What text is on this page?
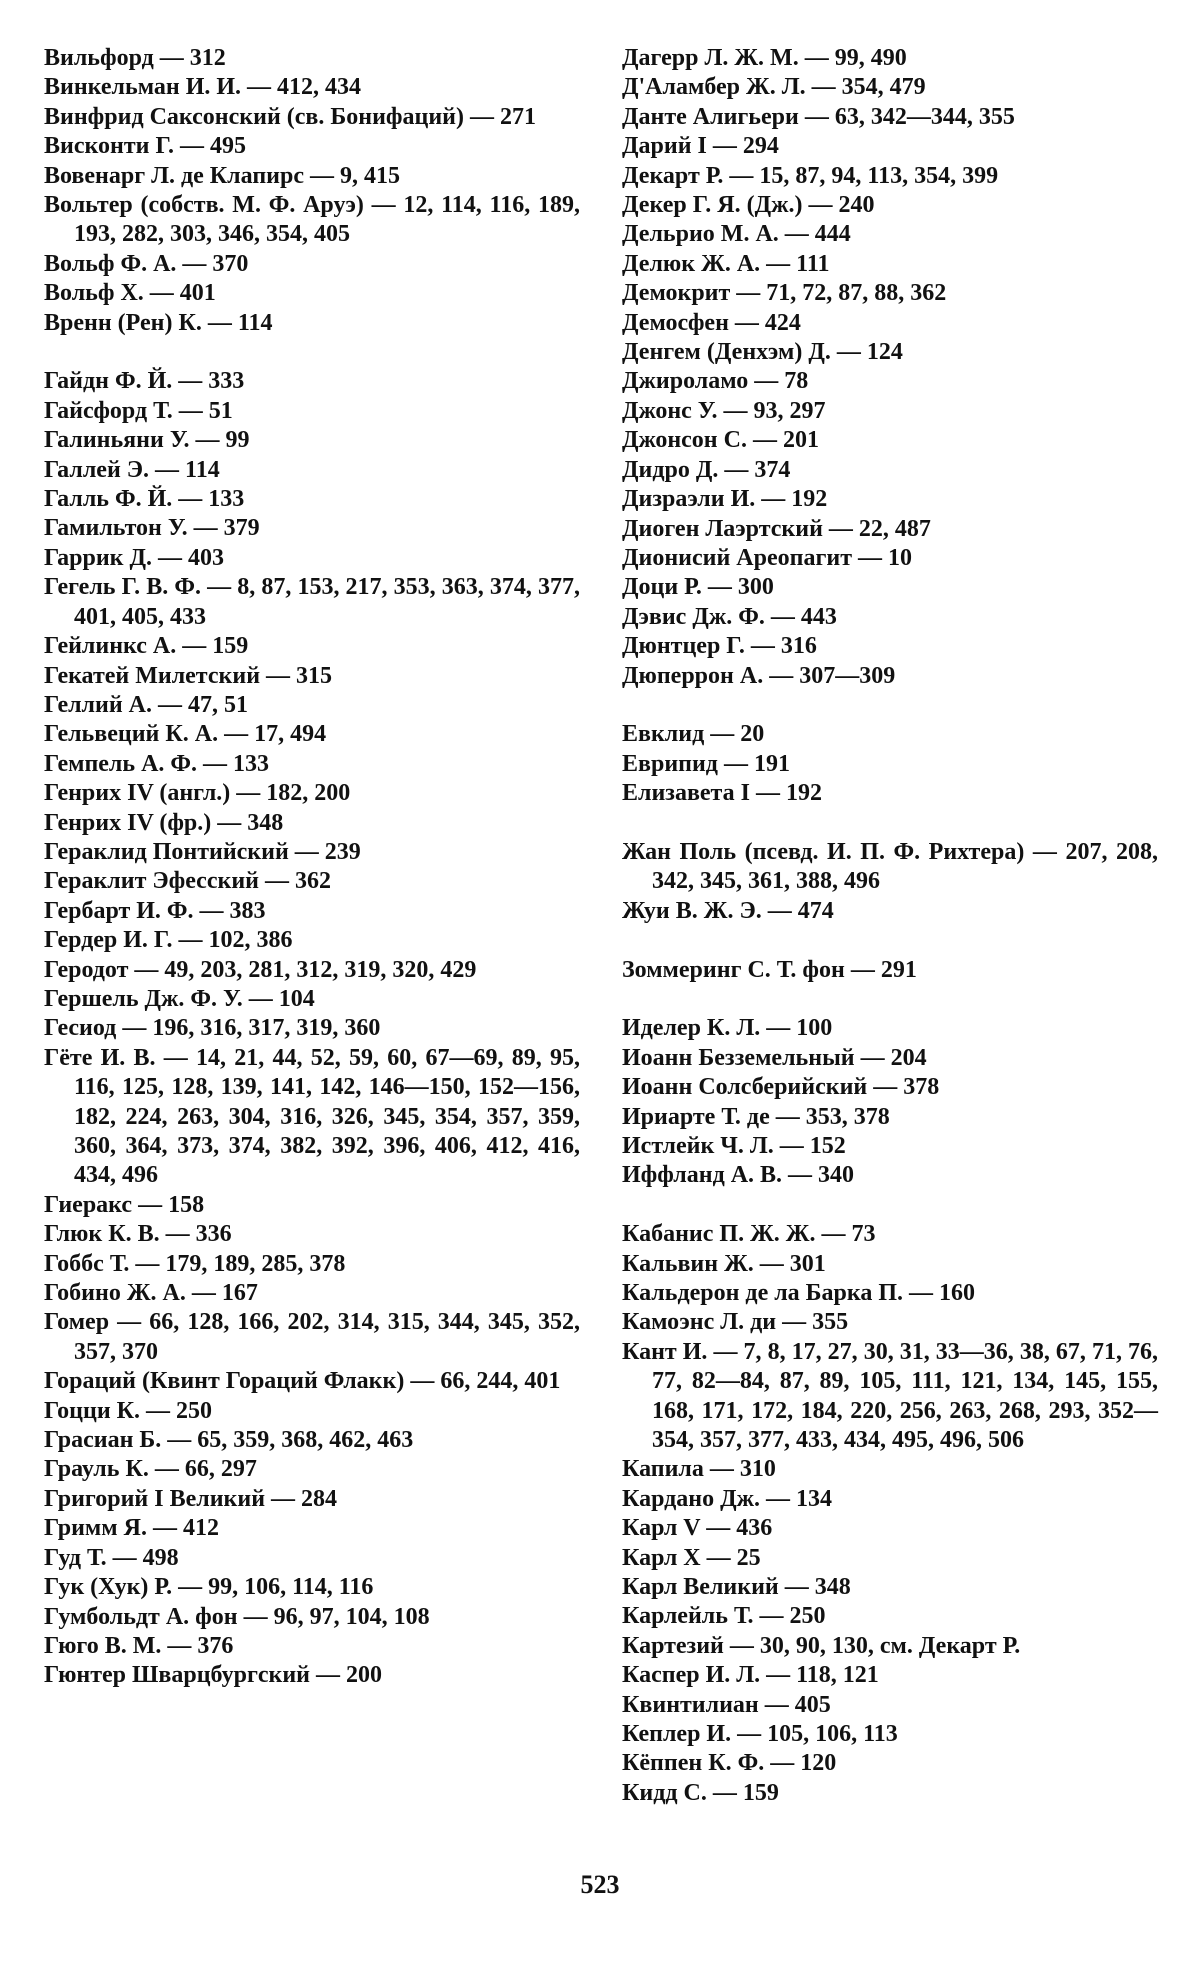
Вильфорд — 312
Винкельман И. И. — 412, 434
Винфрид Саксонский (св. Бонифаций) — 271
Висконти Г. — 495
Вовенарг Л. де Клапирс — 9, 415
Вольтер (собств. М. Ф. Аруэ) — 12, 114, 116, 189, 193, 282, 303, 346, 354, 405
Вольф Ф. А. — 370
Вольф Х. — 401
Вренн (Рен) К. — 114
Гайдн Ф. Й. — 333
Гайсфорд Т. — 51
Галиньяни У. — 99
Галлей Э. — 114
Галль Ф. Й. — 133
Гамильтон У. — 379
Гаррик Д. — 403
Гегель Г. В. Ф. — 8, 87, 153, 217, 353, 363, 374, 377, 401, 405, 433
Гейлинкс А. — 159
Гекатей Милетский — 315
Геллий А. — 47, 51
Гельвеций К. А. — 17, 494
Гемпель А. Ф. — 133
Генрих IV (англ.) — 182, 200
Генрих IV (фр.) — 348
Гераклид Понтийский — 239
Гераклит Эфесский — 362
Гербарт И. Ф. — 383
Гердер И. Г. — 102, 386
Геродот — 49, 203, 281, 312, 319, 320, 429
Гершель Дж. Ф. У. — 104
Гесиод — 196, 316, 317, 319, 360
Гёте И. В. — 14, 21, 44, 52, 59, 60, 67—69, 89, 95, 116, 125, 128, 139, 141, 142, 146—150, 152—156, 182, 224, 263, 304, 316, 326, 345, 354, 357, 359, 360, 364, 373, 374, 382, 392, 396, 406, 412, 416, 434, 496
Гиеракс — 158
Глюк К. В. — 336
Гоббс Т. — 179, 189, 285, 378
Гобино Ж. А. — 167
Гомер — 66, 128, 166, 202, 314, 315, 344, 345, 352, 357, 370
Гораций (Квинт Гораций Флакк) — 66, 244, 401
Гоцци К. — 250
Грасиан Б. — 65, 359, 368, 462, 463
Грауль К. — 66, 297
Григорий I Великий — 284
Гримм Я. — 412
Гуд Т. — 498
Гук (Хук) Р. — 99, 106, 114, 116
Гумбольдт А. фон — 96, 97, 104, 108
Гюго В. М. — 376
Гюнтер Шварцбургский — 200
Дагерр Л. Ж. М. — 99, 490
Д'Аламбер Ж. Л. — 354, 479
Данте Алигьери — 63, 342—344, 355
Дарий I — 294
Декарт Р. — 15, 87, 94, 113, 354, 399
Декер Г. Я. (Дж.) — 240
Дельрио М. А. — 444
Делюк Ж. А. — 111
Демокрит — 71, 72, 87, 88, 362
Демосфен — 424
Денгем (Денхэм) Д. — 124
Джироламо — 78
Джонс У. — 93, 297
Джонсон С. — 201
Дидро Д. — 374
Дизраэли И. — 192
Диоген Лаэртский — 22, 487
Дионисий Ареопагит — 10
Доци Р. — 300
Дэвис Дж. Ф. — 443
Дюнтцер Г. — 316
Дюперрон А. — 307—309
Евклид — 20
Еврипид — 191
Елизавета I — 192
Жан Поль (псевд. И. П. Ф. Рихтера) — 207, 208, 342, 345, 361, 388, 496
Жуи В. Ж. Э. — 474
Зоммеринг С. Т. фон — 291
Иделер К. Л. — 100
Иоанн Безземельный — 204
Иоанн Солсберийский — 378
Ириарте Т. де — 353, 378
Истлейк Ч. Л. — 152
Иффланд А. В. — 340
Кабанис П. Ж. Ж. — 73
Кальвин Ж. — 301
Кальдерон де ла Барка П. — 160
Камоэнс Л. ди — 355
Кант И. — 7, 8, 17, 27, 30, 31, 33—36, 38, 67, 71, 76, 77, 82—84, 87, 89, 105, 111, 121, 134, 145, 155, 168, 171, 172, 184, 220, 256, 263, 268, 293, 352—354, 357, 377, 433, 434, 495, 496, 506
Капила — 310
Кардано Дж. — 134
Карл V — 436
Карл X — 25
Карл Великий — 348
Карлейль Т. — 250
Картезий — 30, 90, 130, см. Декарт Р.
Каспер И. Л. — 118, 121
Квинтилиан — 405
Кеплер И. — 105, 106, 113
Кёппен К. Ф. — 120
Кидд С. — 159
523
